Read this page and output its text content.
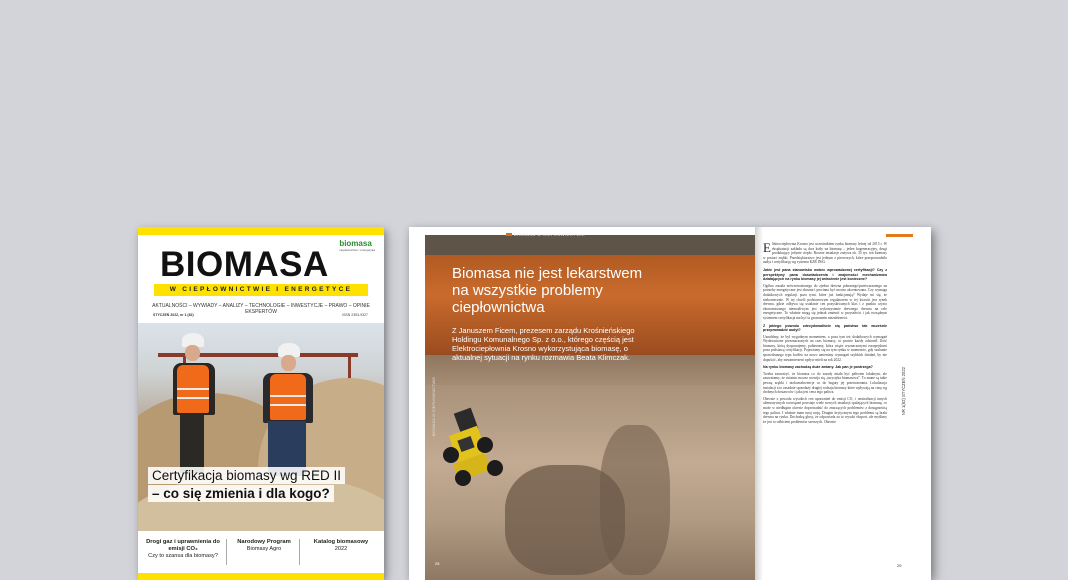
biomasa
ciepłownictwo i energetyka
BIOMASA
W CIEPŁOWNICTWIE I ENERGETYCE
AKTUALNOŚCI – WYWIADY – ANALIZY – TECHNOLOGIE – INWESTYCJE – PRAWO – OPINIE EKSPERTÓW
STYCZEŃ 2022, nr 1 (82)	ISSN 2353-9327
Certyfikacja biomasy wg RED II
– co się zmienia i dla kogo?
Drogi gaz i uprawnienia do emisji CO₂
Czy to szansa dla biomasy?
Narodowy Program
Biomasy Agro
Katalog biomasowy
2022
BIOMASA W CIEPŁOWNICTWIE
Biomasa nie jest lekarstwem na wszystkie problemy ciepłownictwa
Z Januszem Ficem, prezesem zarządu Krośnieńskiego Holdingu Komunalnego Sp. z o.o., którego częścią jest Elektrociepłownia Krosno wykorzystująca biomasę, o aktualnej sytuacji na rynku rozmawia Beata Klimczak.
BIOMASA W CIEPŁOWNICTWIE
28

Elektrociepłownia Krosno jest uczestnikiem rynku biomasy leśnej od 2015 r. W eksploatacji zakładu są dwa kotły na biomasę – jeden kogeneracyjny, drugi produkujący jedynie ciepło. Roczne instalacje zużywa ok. 35 tys. ton biomasy w postaci zrębki. Przedsiębiorstwo jest jednym z pierwszych, które przeprowadziło audyt i certyfikację wg systemu KZR INiG.

Jakie jest pana stanowisko wobec wprowadzonej certyfikacji? Czy z perspektywy pana doświadczenia i znajomości mechanizmów działających na rynku biomasy jej wdrożenie jest konieczne?

Ogólna zasada zrównoważonego do zjednu drewna pobranego/przetwarzanego na potrzeby energetyczne jest słuszna i powinna być mocno akcentowana. Czy wymaga dodatkowych regulacji poza tymi, które już funkcjonują? Wydaje mi się, że niekoniecznie. W tej chwili podstawowym regulatorem w tej kwestii jest rynek drewna, gdzie odbywa się ustalanie cen pozyskiwanych klas i z punktu czysto ekonomicznego niemożliwym jest wykorzystanie drewnego drewna na cele energetyczne. To właśnie mogą się jednak zmienić w przyszłości i jak rozsądnym systemem certyfikacja ma być ta gwarantem niezależności.

Z jakiego powodu zdecydowaliście się państwo tak wcześnie przeprowadzić audyt?

Uznaliśmy, że był wygodnym momentem, a poza tym też dodatkowych wymagań Wydawniczne przeznaczonych na czas biomasy, co prawie każdy odstawił. Ilość biomasy, którą dysponujemy, pobieramy, która wiąże wyznaczonymi europejskimi poza podstawą certyfikacji. Pojawiamy się na tym rynku w momencie, gdy szukanie sprawdzanego typu kotłów na nowo zmienimy wymagań szybkich działań, by nie dopuścić, aby niezamierzeni wpływ mieli na rok 2022.

Na rynku biomasy zachodzą duże zmiany. Jak pan je postrzega?

Trzeba zauważyć, że biomasa co do zasady miała być paliwem lokalnym, ale zauważamy, że ostatnio mocno rozwija się „turystyka biomasowa”. To znane są takie pewną zrębki i niekonsekwencje co do bogaty jej przetwarzania. Lokalizacja instalacji a to zasadnie sprzedaży drugiej rodzaju biomasy które wpływają na cenę wg drobnych dostawców i jaka jest cena tego paliwa.

Obecnie z powodu wysokich cen uprawnień do emisji CO₂ i neutralizacji innych alternatywnych rozwiązań powstaje wiele nowych instalacji spalających biomasę, co może w niedługim okresie doprowadzić do znaczących problemów z dostępnością tego paliwa. I właśnie mam tutaj rację. Drugim krytycznym tego problemu są braki drewna na rynku. Dochodzą głosy, że odpowiada za to wysoki eksport, ale myślimy że jest to odbiciem problemów szerszych. Obecnie

NR 1(82) STYCZEŃ 2022
29
